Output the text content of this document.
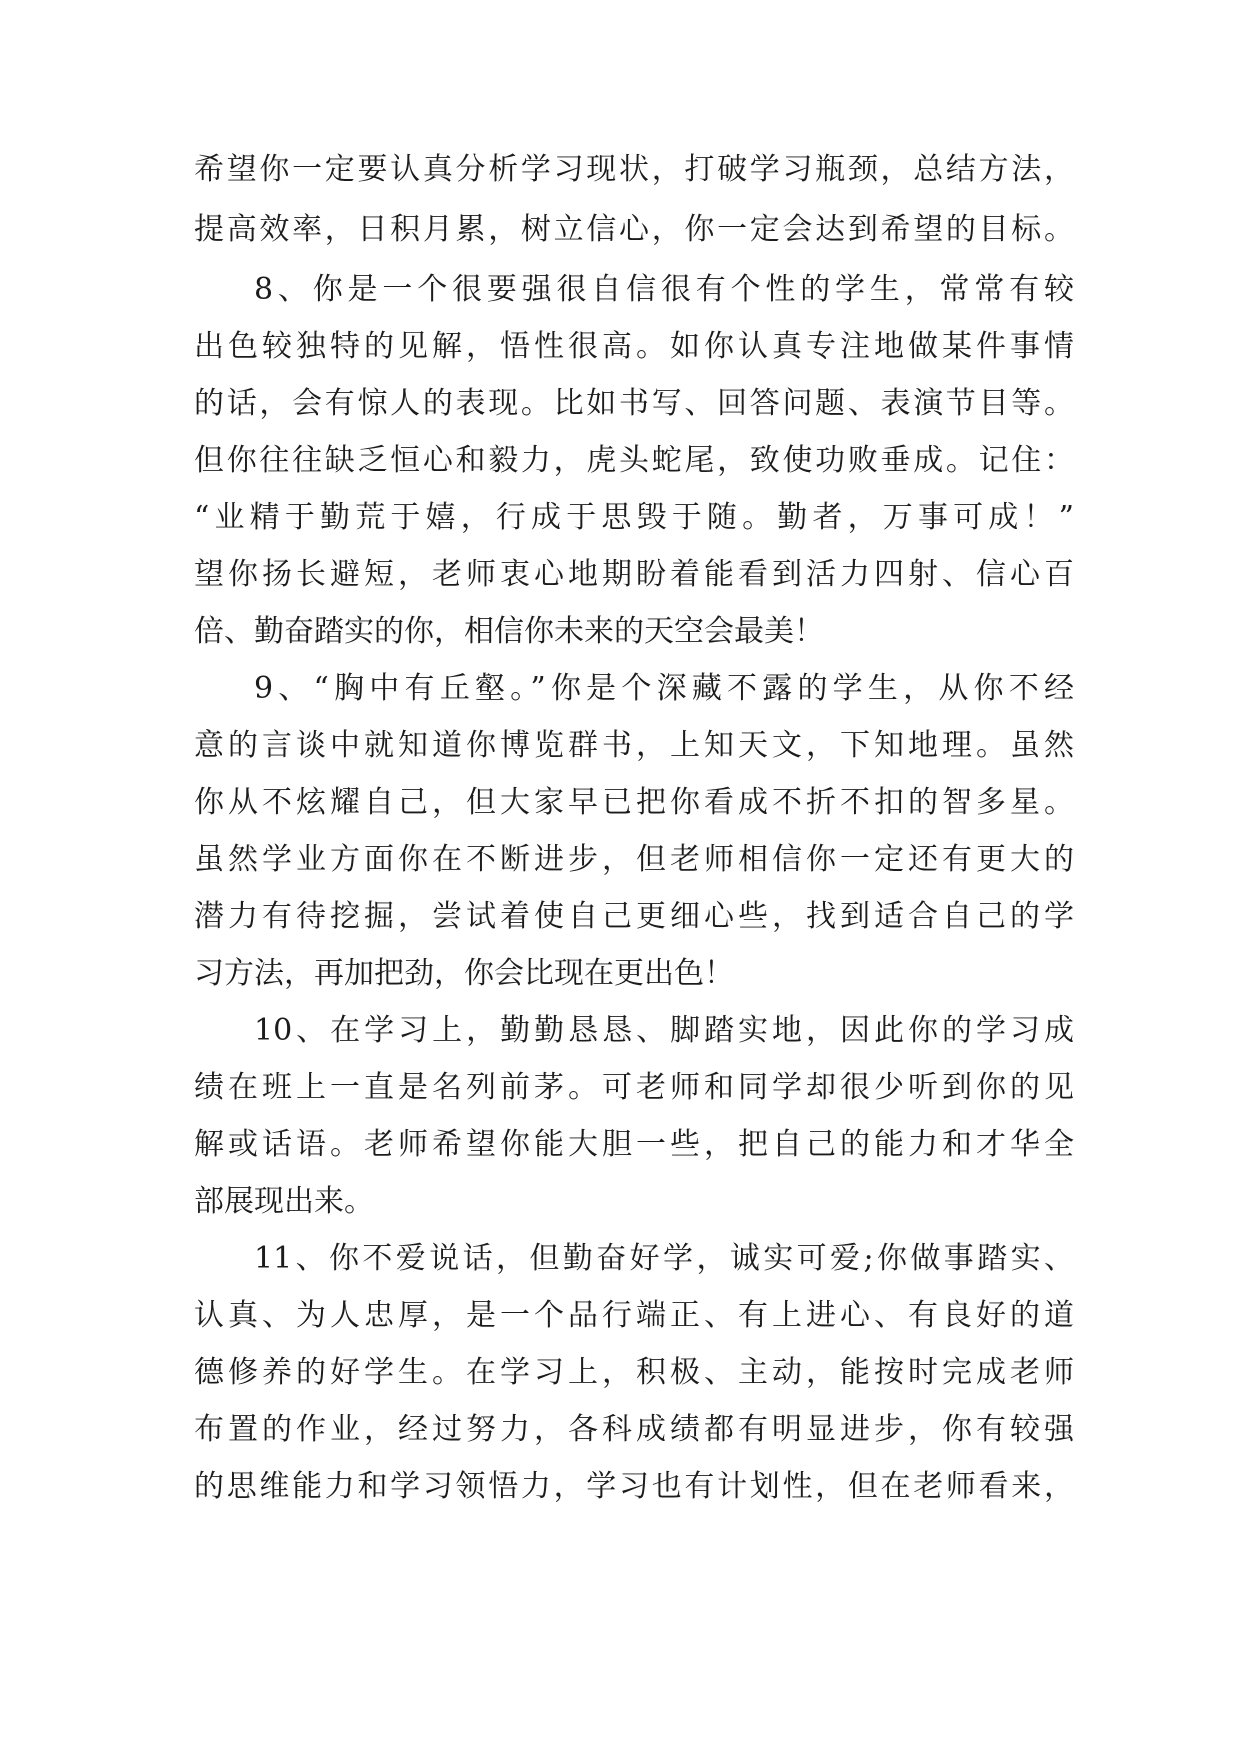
希望你一定要认真分析学习现状，打破学习瓶颈，总结方法，
提高效率，日积月累，树立信心，你一定会达到希望的目标。
8、你是一个很要强很自信很有个性的学生，常常有较
出色较独特的见解，悟性很高。如你认真专注地做某件事情
的话，会有惊人的表现。比如书写、回答问题、表演节目等。
但你往往缺乏恒心和毅力，虎头蛇尾，致使功败垂成。记住：
“业精于勤荒于嬉，行成于思毁于随。勤者，万事可成！”
望你扬长避短，老师衷心地期盼着能看到活力四射、信心百
倍、勤奋踏实的你，相信你未来的天空会最美！
9、“胸中有丘壑。”你是个深藏不露的学生，从你不经
意的言谈中就知道你博览群书，上知天文，下知地理。虽然
你从不炫耀自己，但大家早已把你看成不折不扣的智多星。
虽然学业方面你在不断进步，但老师相信你一定还有更大的
潜力有待挖掘，尝试着使自己更细心些，找到适合自己的学
习方法，再加把劲，你会比现在更出色！
10、在学习上，勤勤恳恳、脚踏实地，因此你的学习成
绩在班上一直是名列前茅。可老师和同学却很少听到你的见
解或话语。老师希望你能大胆一些，把自己的能力和才华全
部展现出来。
11、你不爱说话，但勤奋好学，诚实可爱;你做事踏实、
认真、为人忠厚，是一个品行端正、有上进心、有良好的道
德修养的好学生。在学习上，积极、主动，能按时完成老师
布置的作业，经过努力，各科成绩都有明显进步，你有较强
的思维能力和学习领悟力，学习也有计划性，但在老师看来，
